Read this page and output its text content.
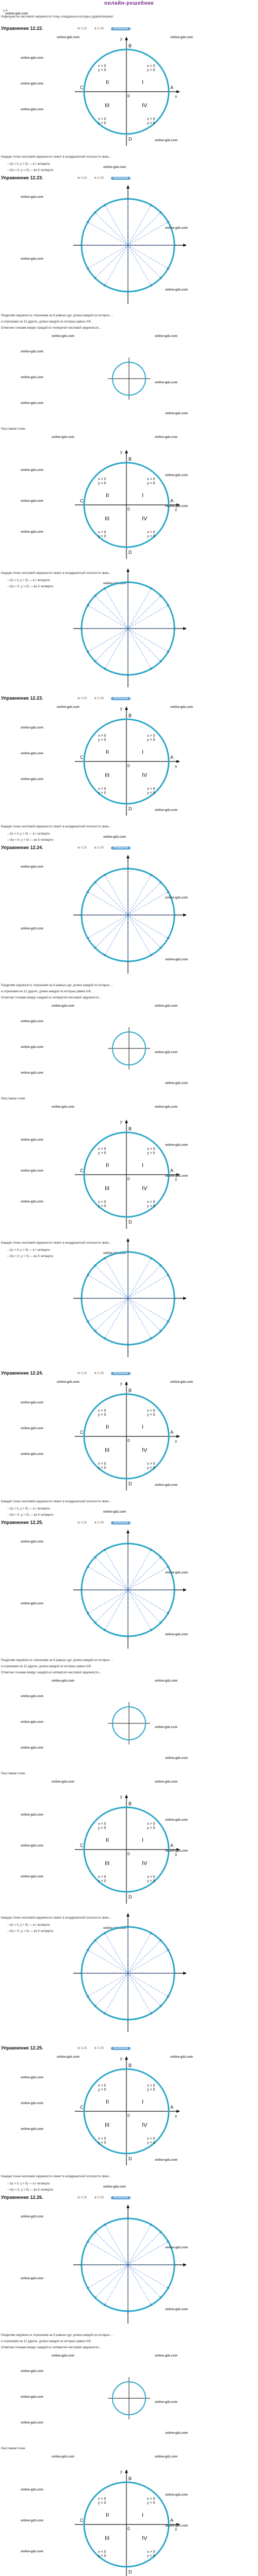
онлайн-решебник
у А
Нарисуем на числовой окружности точку, координаты которых удовлетворяют
online-gdz.com
Упражнение 12.22.	⊕ 3.1К ⊕ 3.2К	Внимание
online-gdz.com	online-gdz.com
online-gdz.com
online-gdz.com
online-gdz.com
online-gdz.com
I
II
III	IV
A
B
C
D
x
y
0
x > 0
y > 0
x < 0
y > 0
x < 0
y < 0
x > 0
y < 0
Каждая точка числовой окружности лежит в координатной плоскости свою...
– I(x > 0, y > 0) — в I четверти
– II(x < 0, y > 0) — во II четверти
online-gdz.com
Упражнение 12.23.	⊕ 3.1К ⊕ 3.2К	Внимание
online-gdz.com
online-gdz.com
online-gdz.com
online-gdz.com
Разделим окружность отрезками на 8 равных дуг, длина каждой из которых ...
и отрезками на 12 других, длина каждой из которых равна π/6.
Отметим точками вокруг каждой из четвертей числовой окружности...
online-gdz.com	online-gdz.com
online-gdz.com
online-gdz.com
online-gdz.com
online-gdz.com
online-gdz.com
Расставим точки.
online-gdz.com	online-gdz.com
I
II
III	IV
A
B
C
D
x
y
0
x > 0
y > 0
x < 0
y > 0
x < 0
y < 0
x > 0
y < 0
online-gdz.com
online-gdz.com
online-gdz.com
online-gdz.com
online-gdz.com
Каждая точка числовой окружности лежит в координатной плоскости свою...
– I(x > 0, y > 0) — в I четверти
– II(x < 0, y > 0) — во II четверти
online-gdz.com
Упражнение 12.23.	⊕ 3.1К ⊕ 3.2К	Внимание
online-gdz.com	online-gdz.com
online-gdz.com
online-gdz.com
online-gdz.com
online-gdz.com
I
II
III	IV
A
B
C
D
x
y
0
x > 0
y > 0
x < 0
y > 0
x < 0
y < 0
x > 0
y < 0
Каждая точка числовой окружности лежит в координатной плоскости свою...
– I(x > 0, y > 0) — в I четверти
– II(x < 0, y > 0) — во II четверти
online-gdz.com
Упражнение 12.24.	⊕ 3.1К ⊕ 3.2К	Внимание
online-gdz.com
online-gdz.com
online-gdz.com
online-gdz.com
Разделим окружность отрезками на 8 равных дуг, длина каждой из которых ...
и отрезками на 12 других, длина каждой из которых равна π/6.
Отметим точками вокруг каждой из четвертей числовой окружности...
online-gdz.com	online-gdz.com
online-gdz.com
online-gdz.com
online-gdz.com
online-gdz.com
online-gdz.com
Расставим точки.
online-gdz.com	online-gdz.com
I
II
III	IV
A
B
C
D
x
y
0
x > 0
y > 0
x < 0
y > 0
x < 0
y < 0
x > 0
y < 0
online-gdz.com
online-gdz.com
online-gdz.com
online-gdz.com
online-gdz.com
Каждая точка числовой окружности лежит в координатной плоскости свою...
– I(x > 0, y > 0) — в I четверти
– II(x < 0, y > 0) — во II четверти
online-gdz.com
Упражнение 12.24.	⊕ 3.1К ⊕ 3.2К	Внимание
online-gdz.com	online-gdz.com
online-gdz.com
online-gdz.com
online-gdz.com
online-gdz.com
I
II
III	IV
A
B
C
D
x
y
0
x > 0
y > 0
x < 0
y > 0
x < 0
y < 0
x > 0
y < 0
Каждая точка числовой окружности лежит в координатной плоскости свою...
– I(x > 0, y > 0) — в I четверти
– II(x < 0, y > 0) — во II четверти
online-gdz.com
Упражнение 12.25.	⊕ 3.1К ⊕ 3.2К	Внимание
online-gdz.com
online-gdz.com
online-gdz.com
online-gdz.com
Разделим окружность отрезками на 8 равных дуг, длина каждой из которых ...
и отрезками на 12 других, длина каждой из которых равна π/6.
Отметим точками вокруг каждой из четвертей числовой окружности...
online-gdz.com	online-gdz.com
online-gdz.com
online-gdz.com
online-gdz.com
online-gdz.com
online-gdz.com
Расставим точки.
online-gdz.com	online-gdz.com
I
II
III	IV
A
B
C
D
x
y
0
x > 0
y > 0
x < 0
y > 0
x < 0
y < 0
x > 0
y < 0
online-gdz.com
online-gdz.com
online-gdz.com
online-gdz.com
online-gdz.com
Каждая точка числовой окружности лежит в координатной плоскости свою...
– I(x > 0, y > 0) — в I четверти
– II(x < 0, y > 0) — во II четверти
online-gdz.com
Упражнение 12.25.	⊕ 3.1К ⊕ 3.2К	Внимание
online-gdz.com	online-gdz.com
online-gdz.com
online-gdz.com
online-gdz.com
online-gdz.com
I
II
III	IV
A
B
C
D
x
y
0
x > 0
y > 0
x < 0
y > 0
x < 0
y < 0
x > 0
y < 0
Каждая точка числовой окружности лежит в координатной плоскости свою...
– I(x > 0, y > 0) — в I четверти
– II(x < 0, y > 0) — во II четверти
online-gdz.com
Упражнение 12.26.	⊕ 3.1К ⊕ 3.2К	Внимание
online-gdz.com
online-gdz.com
online-gdz.com
online-gdz.com
Разделим окружность отрезками на 8 равных дуг, длина каждой из которых ...
и отрезками на 12 других, длина каждой из которых равна π/6.
Отметим точками вокруг каждой из четвертей числовой окружности...
online-gdz.com	online-gdz.com
online-gdz.com
online-gdz.com
online-gdz.com
online-gdz.com
online-gdz.com
Расставим точки.
online-gdz.com	online-gdz.com
I
II
III	IV
A
B
C
D
x
y
0
x > 0
y > 0
x < 0
y > 0
x < 0
y < 0
x > 0
y < 0
online-gdz.com
online-gdz.com
online-gdz.com
online-gdz.com
online-gdz.com
